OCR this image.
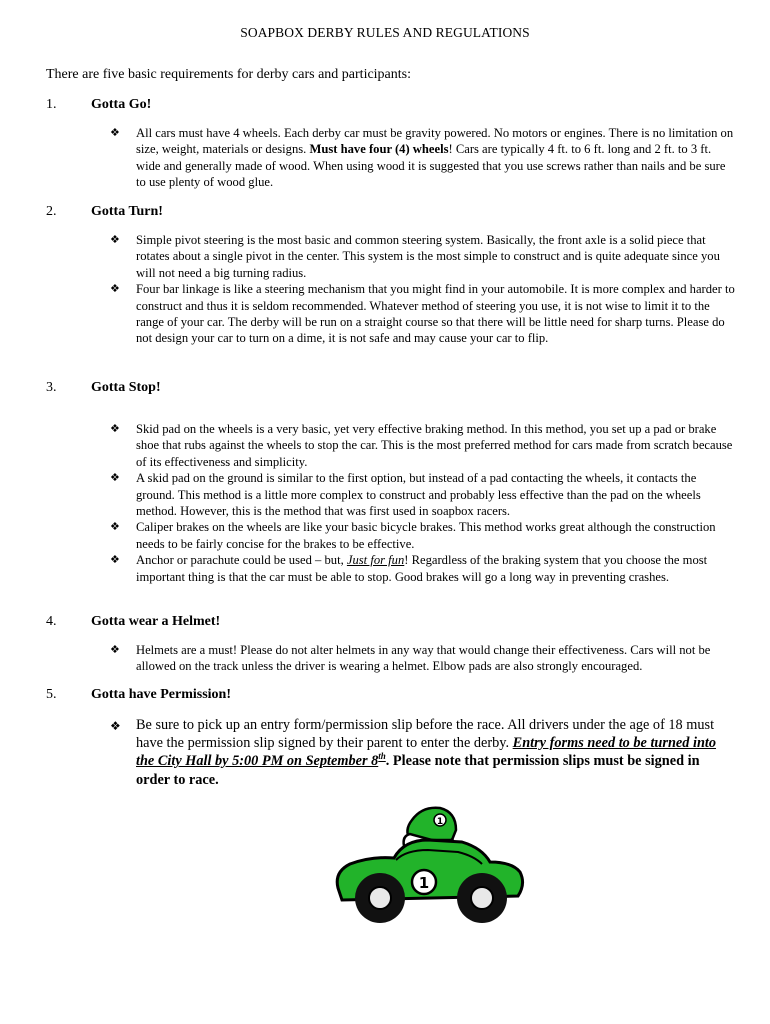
SOAPBOX DERBY RULES AND REGULATIONS
There are five basic requirements for derby cars and participants:
1. Gotta Go!
❖ All cars must have 4 wheels. Each derby car must be gravity powered. No motors or engines. There is no limitation on size, weight, materials or designs. Must have four (4) wheels! Cars are typically 4 ft. to 6 ft. long and 2 ft. to 3 ft. wide and generally made of wood. When using wood it is suggested that you use screws rather than nails and be sure to use plenty of wood glue.
2. Gotta Turn!
❖ Simple pivot steering is the most basic and common steering system. Basically, the front axle is a solid piece that rotates about a single pivot in the center. This system is the most simple to construct and is quite adequate since you will not need a big turning radius.
❖ Four bar linkage is like a steering mechanism that you might find in your automobile. It is more complex and harder to construct and thus it is seldom recommended. Whatever method of steering you use, it is not wise to limit it to the range of your car. The derby will be run on a straight course so that there will be little need for sharp turns. Please do not design your car to turn on a dime, it is not safe and may cause your car to flip.
3. Gotta Stop!
❖ Skid pad on the wheels is a very basic, yet very effective braking method. In this method, you set up a pad or brake shoe that rubs against the wheels to stop the car. This is the most preferred method for cars made from scratch because of its effectiveness and simplicity.
❖ A skid pad on the ground is similar to the first option, but instead of a pad contacting the wheels, it contacts the ground. This method is a little more complex to construct and probably less effective than the pad on the wheels method. However, this is the method that was first used in soapbox racers.
❖ Caliper brakes on the wheels are like your basic bicycle brakes. This method works great although the construction needs to be fairly concise for the brakes to be effective.
❖ Anchor or parachute could be used – but, Just for fun! Regardless of the braking system that you choose the most important thing is that the car must be able to stop. Good brakes will go a long way in preventing crashes.
4. Gotta wear a Helmet!
❖ Helmets are a must! Please do not alter helmets in any way that would change their effectiveness. Cars will not be allowed on the track unless the driver is wearing a helmet. Elbow pads are also strongly encouraged.
5. Gotta have Permission!
❖ Be sure to pick up an entry form/permission slip before the race. All drivers under the age of 18 must have the permission slip signed by their parent to enter the derby. Entry forms need to be turned into the City Hall by 5:00 PM on September 8th. Please note that permission slips must be signed in order to race.
1
1
